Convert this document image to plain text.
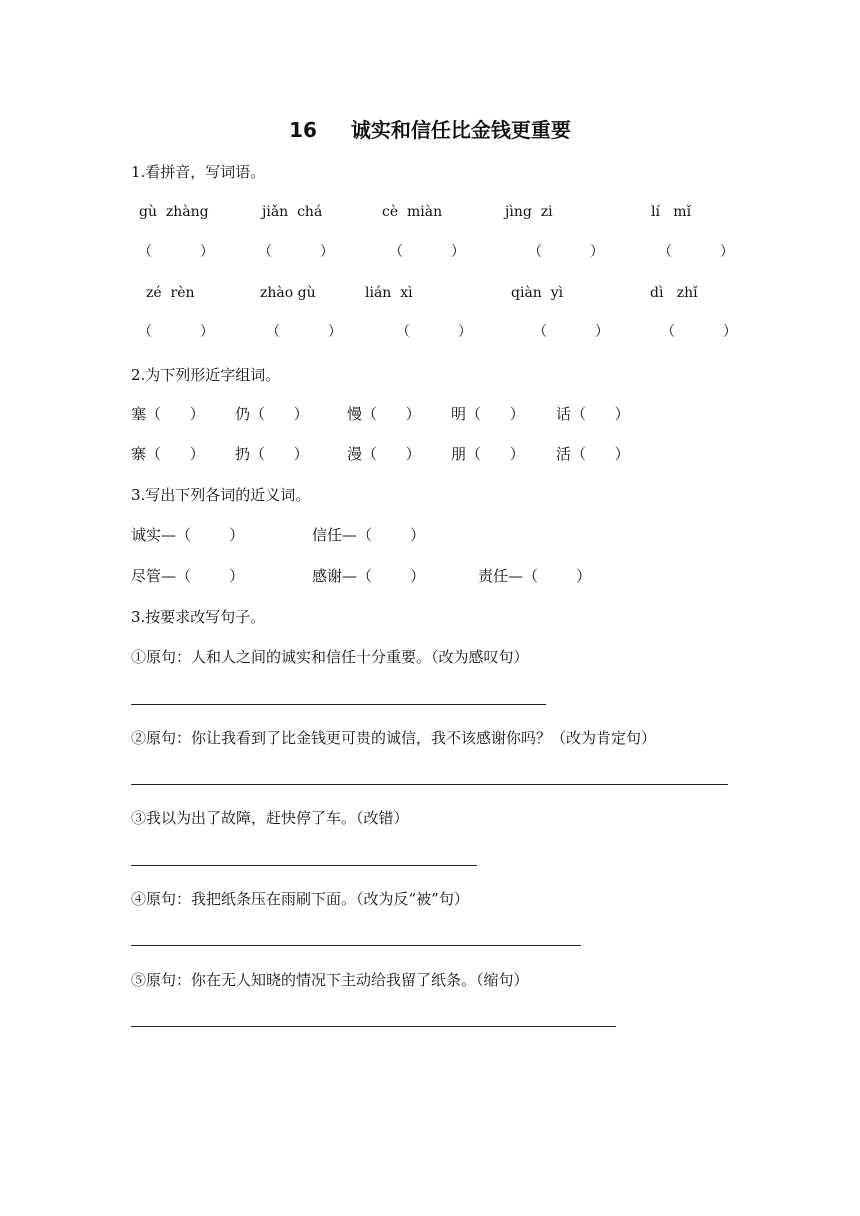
16 诚实和信任比金钱更重要
1.看拼音，写词语。
gù  zhàng	jiǎn  chá	cè  miàn	jìng  zi	lí   mǐ
（	）	（	）	（	）	（	）	（	）
zé  rèn	zhào gù	lián  xì	qiàn  yì	dì   zhǐ
（	）	（	）	（	）	（	）	（	）
2.为下列形近字组词。
塞（      ） 仍（      ）	慢（      ） 明（      ） 话（      ）
寨（      ） 扔（      ）	漫（      ） 朋（      ） 活（      ）
3.写出下列各词的近义词。
诚实—（        ）	信任—（        ）
尽管—（        ）	感谢—（        ）	责任—（        ）
3.按要求改写句子。
①原句：人和人之间的诚实和信任十分重要。（改为感叹句）
②原句：你让我看到了比金钱更可贵的诚信，我不该感谢你吗？（改为肯定句）
③我以为出了故障，赶快停了车。（改错）
④原句：我把纸条压在雨刷下面。（改为反“被”句）
⑤原句：你在无人知晓的情况下主动给我留了纸条。（缩句）
